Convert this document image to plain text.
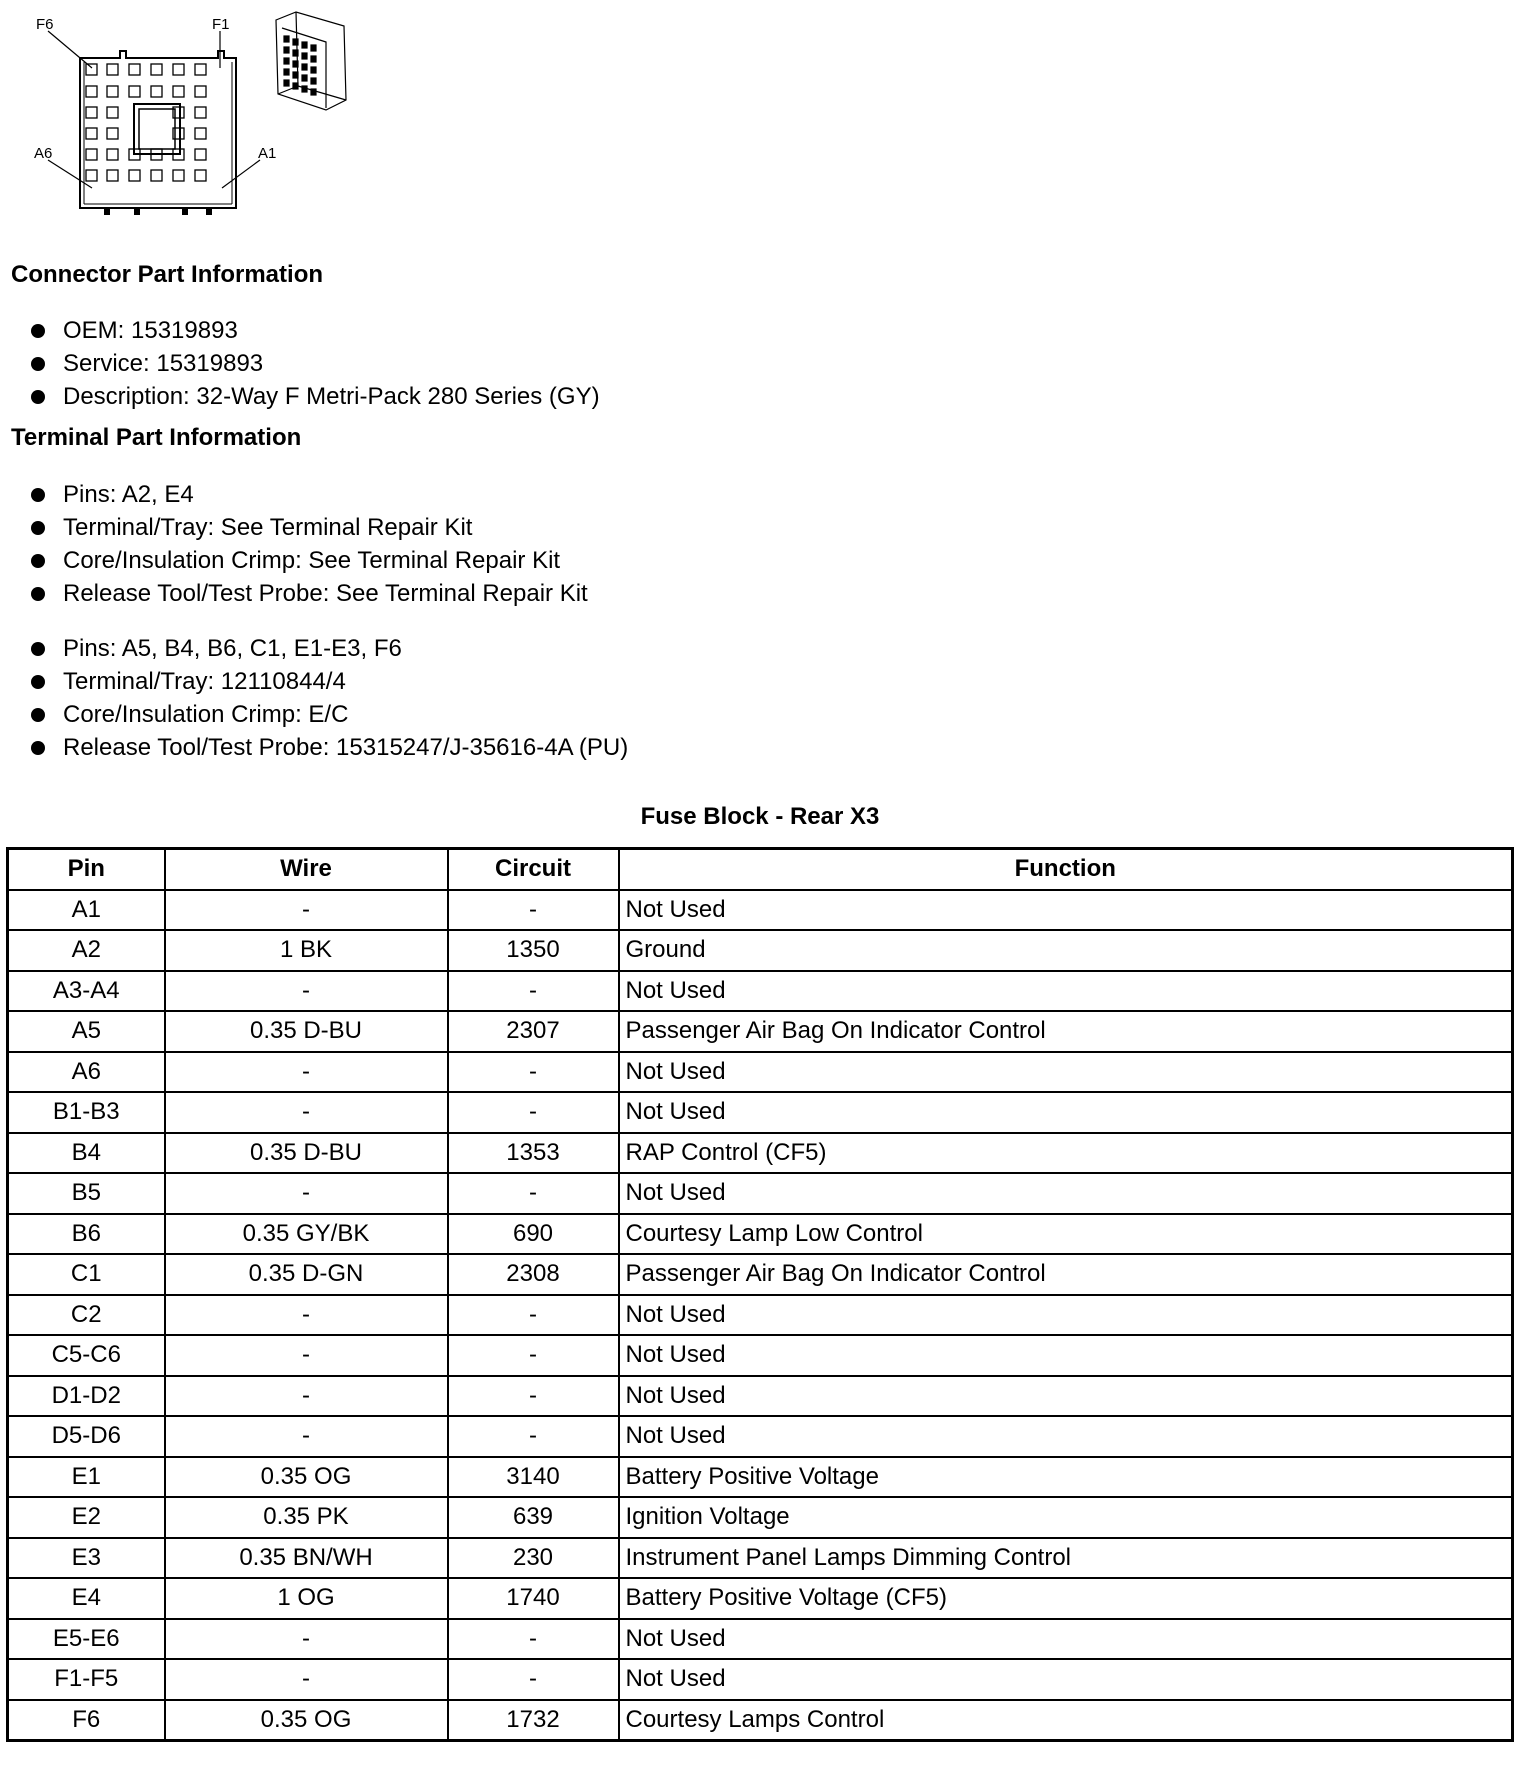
F6	F1
A6	A1
Connector Part Information
OEM: 15319893
Service: 15319893
Description: 32-Way F Metri-Pack 280 Series (GY)
Terminal Part Information
Pins: A2, E4
Terminal/Tray: See Terminal Repair Kit
Core/Insulation Crimp: See Terminal Repair Kit
Release Tool/Test Probe: See Terminal Repair Kit
Pins: A5, B4, B6, C1, E1-E3, F6
Terminal/Tray: 12110844/4
Core/Insulation Crimp: E/C
Release Tool/Test Probe: 15315247/J-35616-4A (PU)
Fuse Block - Rear X3
Pin	Wire	Circuit	Function
A1	-	-	Not Used
A2	1 BK	1350	Ground
A3-A4	-	-	Not Used
A5	0.35 D-BU	2307	Passenger Air Bag On Indicator Control
A6	-	-	Not Used
B1-B3	-	-	Not Used
B4	0.35 D-BU	1353	RAP Control (CF5)
B5	-	-	Not Used
B6	0.35 GY/BK	690	Courtesy Lamp Low Control
C1	0.35 D-GN	2308	Passenger Air Bag On Indicator Control
C2	-	-	Not Used
C5-C6	-	-	Not Used
D1-D2	-	-	Not Used
D5-D6	-	-	Not Used
E1	0.35 OG	3140	Battery Positive Voltage
E2	0.35 PK	639	Ignition Voltage
E3	0.35 BN/WH	230	Instrument Panel Lamps Dimming Control
E4	1 OG	1740	Battery Positive Voltage (CF5)
E5-E6	-	-	Not Used
F1-F5	-	-	Not Used
F6	0.35 OG	1732	Courtesy Lamps Control
